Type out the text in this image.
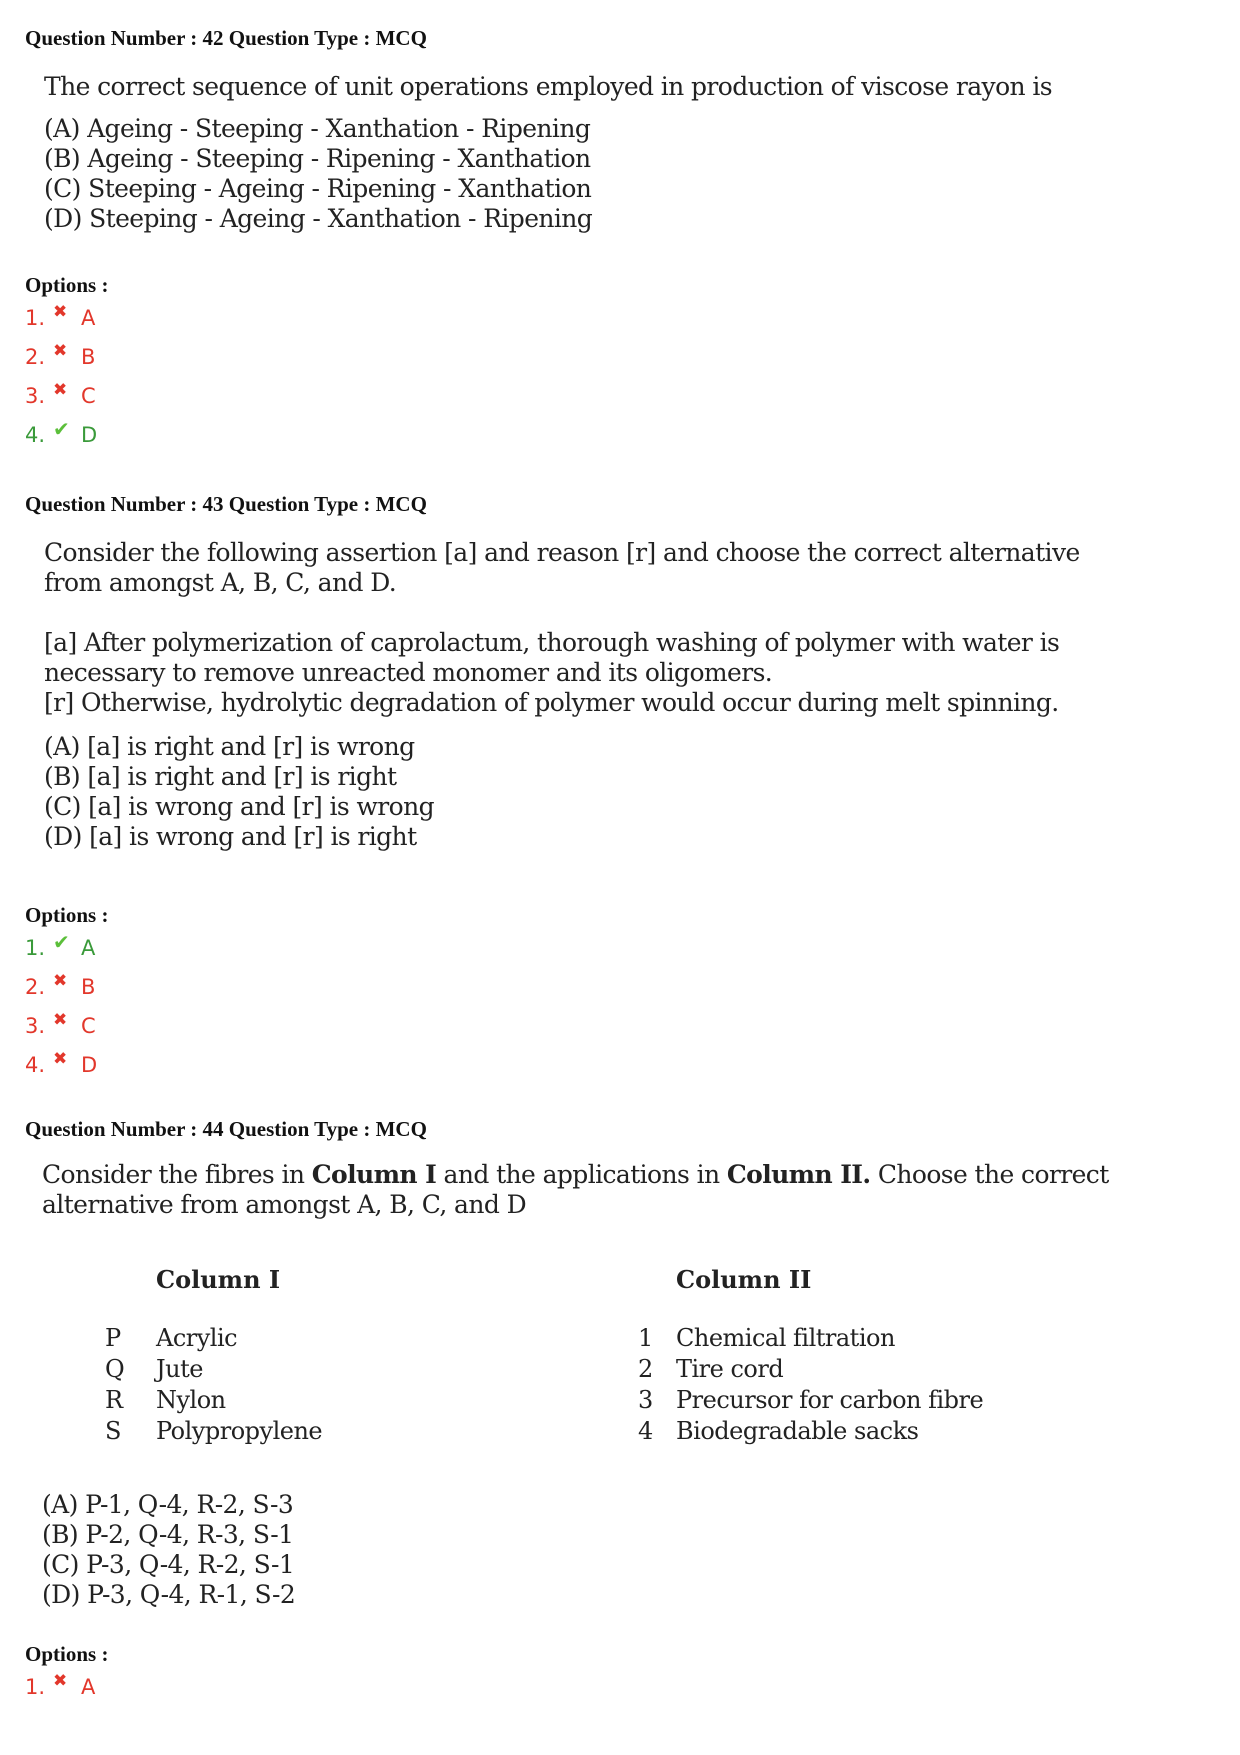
Question Number : 42 Question Type : MCQ

The correct sequence of unit operations employed in production of viscose rayon is

(A) Ageing - Steeping - Xanthation - Ripening

(B) Ageing - Steeping - Ripening - Xanthation

(C) Steeping - Ageing - Ripening - Xanthation

(D) Steeping - Ageing - Xanthation - Ripening

Options :
1. ✖ A
2. ✖ B
3. ✖ C
4. ✔ D
Question Number : 43 Question Type : MCQ

Consider the following assertion [a] and reason [r] and choose the correct alternative from amongst A, B, C, and D.

[a] After polymerization of caprolactum, thorough washing of polymer with water is necessary to remove unreacted monomer and its oligomers.

[r] Otherwise, hydrolytic degradation of polymer would occur during melt spinning.

(A) [a] is right and [r] is wrong

(B) [a] is right and [r] is right

(C) [a] is wrong and [r] is wrong

(D) [a] is wrong and [r] is right

Options :
1. ✔ A
2. ✖ B
3. ✖ C
4. ✖ D
Question Number : 44 Question Type : MCQ

Consider the fibres in Column I and the applications in Column II. Choose the correct alternative from amongst A, B, C, and D

Column I	Column II
P	Acrylic	1	Chemical filtration
Q	Jute	2	Tire cord
R	Nylon	3	Precursor for carbon fibre
S	Polypropylene	4	Biodegradable sacks

(A) P-1, Q-4, R-2, S-3

(B) P-2, Q-4, R-3, S-1

(C) P-3, Q-4, R-2, S-1

(D) P-3, Q-4, R-1, S-2

Options :
1. ✖ A
